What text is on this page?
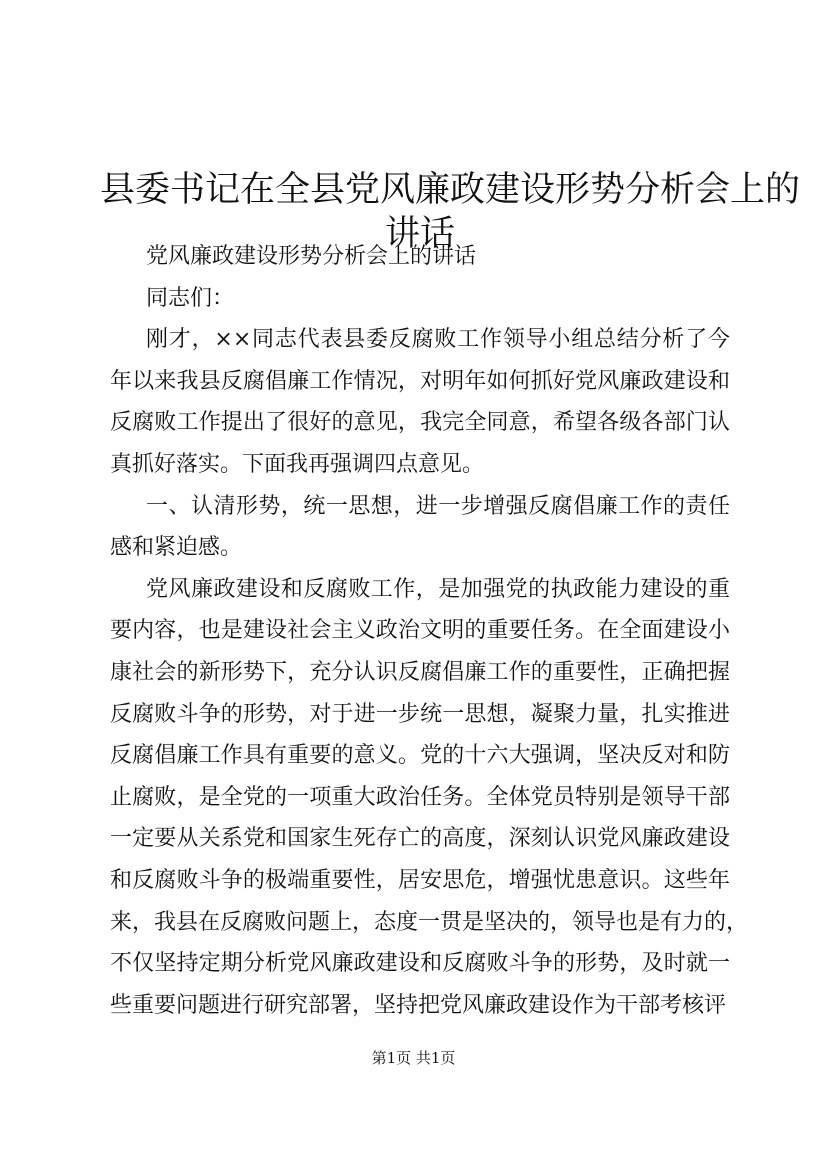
县委书记在全县党风廉政建设形势分析会上的
讲话
党风廉政建设形势分析会上的讲话
同志们：
刚才，××同志代表县委反腐败工作领导小组总结分析了今
年以来我县反腐倡廉工作情况，对明年如何抓好党风廉政建设和
反腐败工作提出了很好的意见，我完全同意，希望各级各部门认
真抓好落实。下面我再强调四点意见。
一、认清形势，统一思想，进一步增强反腐倡廉工作的责任
感和紧迫感。
党风廉政建设和反腐败工作，是加强党的执政能力建设的重
要内容，也是建设社会主义政治文明的重要任务。在全面建设小
康社会的新形势下，充分认识反腐倡廉工作的重要性，正确把握
反腐败斗争的形势，对于进一步统一思想，凝聚力量，扎实推进
反腐倡廉工作具有重要的意义。党的十六大强调，坚决反对和防
止腐败，是全党的一项重大政治任务。全体党员特别是领导干部
一定要从关系党和国家生死存亡的高度，深刻认识党风廉政建设
和反腐败斗争的极端重要性，居安思危，增强忧患意识。这些年
来，我县在反腐败问题上，态度一贯是坚决的，领导也是有力的，
不仅坚持定期分析党风廉政建设和反腐败斗争的形势，及时就一
些重要问题进行研究部署，坚持把党风廉政建设作为干部考核评
第1页 共1页
